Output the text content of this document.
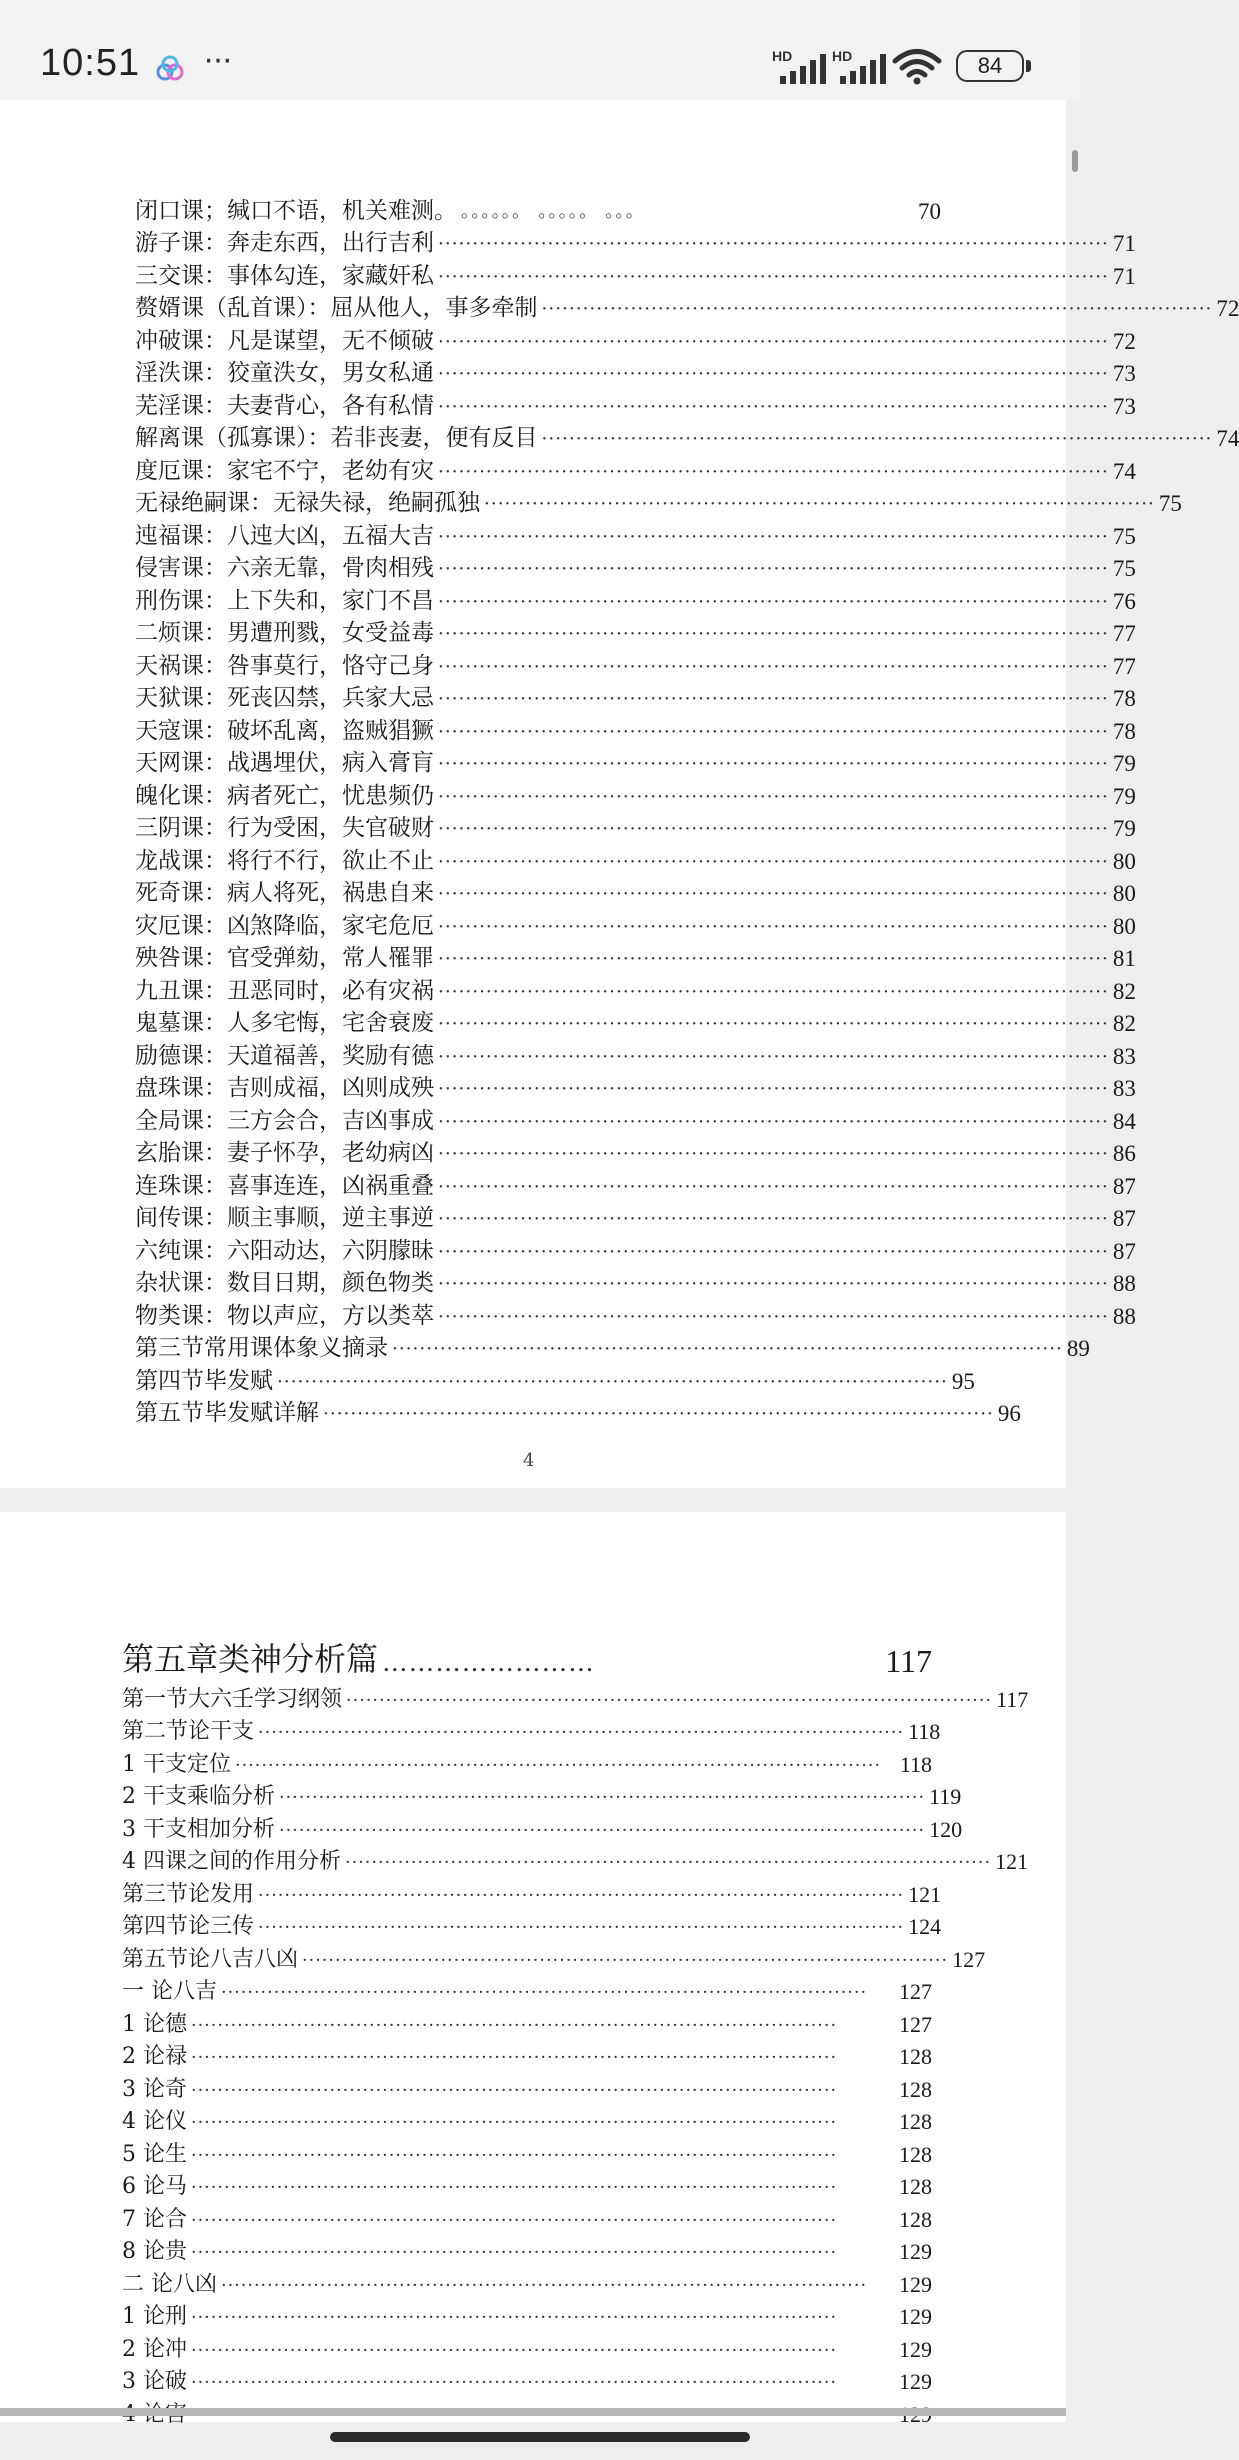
10:51 ···	HD	HD	84
闭口课；缄口不语，机关难测。 。。。。。。 。。。。。 。。。	70
游子课：奔走东西，出行吉利 ·································································································· 71
三交课：事体勾连，家藏奸私 ·································································································· 71
赘婿课（乱首课）：屈从他人，事多牵制 ·································································································· 72
冲破课：凡是谋望，无不倾破 ·································································································· 72
淫泆课：狡童泆女，男女私通 ·································································································· 73
芜淫课：夫妻背心，各有私情 ·································································································· 73
解离课（孤寡课）：若非丧妻，便有反目 ·································································································· 74
度厄课：家宅不宁，老幼有灾 ·································································································· 74
无禄绝嗣课：无禄失禄，绝嗣孤独 ·································································································· 75
迍福课：八迍大凶，五福大吉 ·································································································· 75
侵害课：六亲无靠，骨肉相残 ·································································································· 75
刑伤课：上下失和，家门不昌 ·································································································· 76
二烦课：男遭刑戮，女受益毒 ·································································································· 77
天祸课：咎事莫行，恪守己身 ·································································································· 77
天狱课：死丧囚禁，兵家大忌 ·································································································· 78
天寇课：破坏乱离，盗贼猖獗 ·································································································· 78
天网课：战遇埋伏，病入膏肓 ·································································································· 79
魄化课：病者死亡，忧患频仍 ·································································································· 79
三阴课：行为受困，失官破财 ·································································································· 79
龙战课：将行不行，欲止不止 ·································································································· 80
死奇课：病人将死，祸患自来 ·································································································· 80
灾厄课：凶煞降临，家宅危厄 ·································································································· 80
殃咎课：官受弹劾，常人罹罪 ·································································································· 81
九丑课：丑恶同时，必有灾祸 ·································································································· 82
鬼墓课：人多宅悔，宅舍衰废 ·································································································· 82
励德课：天道福善，奖励有德 ·································································································· 83
盘珠课：吉则成福，凶则成殃 ·································································································· 83
全局课：三方会合，吉凶事成 ·································································································· 84
玄胎课：妻子怀孕，老幼病凶 ·································································································· 86
连珠课：喜事连连，凶祸重叠 ·································································································· 87
间传课：顺主事顺，逆主事逆 ·································································································· 87
六纯课：六阳动达，六阴朦昧 ·································································································· 87
杂状课：数目日期，颜色物类 ·································································································· 88
物类课：物以声应，方以类萃 ·································································································· 88
第三节常用课体象义摘录 ·································································································· 89
第四节毕发赋 ·································································································· 95
第五节毕发赋详解 ·································································································· 96
4
第五章类神分析篇 ……………………	117
第一节大六壬学习纲领 ·································································································· 117
第二节论干支 ·································································································· 118
1 干支定位 ·································································································· 118
2 干支乘临分析 ·································································································· 119
3 干支相加分析 ·································································································· 120
4 四课之间的作用分析 ·································································································· 121
第三节论发用 ·································································································· 121
第四节论三传 ·································································································· 124
第五节论八吉八凶 ·································································································· 127
一 论八吉 ··································································································	127
1 论德 ··································································································	127
2 论禄 ··································································································	128
3 论奇 ··································································································	128
4 论仪 ··································································································	128
5 论生 ··································································································	128
6 论马 ··································································································	128
7 论合 ··································································································	128
8 论贵 ··································································································	129
二 论八凶 ··································································································	129
1 论刑 ··································································································	129
2 论冲 ··································································································	129
3 论破 ··································································································	129
